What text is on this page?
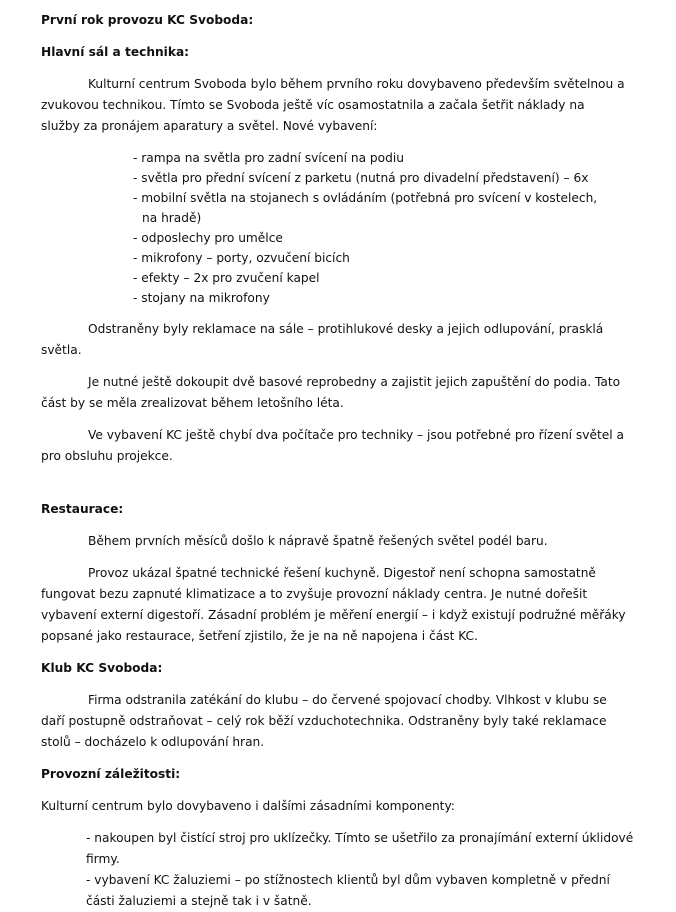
První rok provozu KC Svoboda:
Hlavní sál a technika:
Kulturní centrum Svoboda bylo během prvního roku dovybaveno především světelnou a zvukovou technikou. Tímto se Svoboda ještě víc osamostatnila a začala šetřit náklady na služby za pronájem aparatury a světel. Nové vybavení:
- rampa na světla pro zadní svícení na podiu
- světla pro přední svícení z parketu (nutná pro divadelní představení) – 6x
- mobilní světla na stojanech s ovládáním (potřebná pro svícení v kostelech, na hradě)
- odposlechy pro umělce
- mikrofony – porty, ozvučení bicích
- efekty – 2x pro zvučení kapel
- stojany na mikrofony
Odstraněny byly reklamace na sále – protihlukové desky a jejich odlupování, prasklá světla.
Je nutné ještě dokoupit dvě basové reprobedny a zajistit jejich zapuštění do podia. Tato část by se měla zrealizovat během letošního léta.
Ve vybavení KC ještě chybí dva počítače pro techniky – jsou potřebné pro řízení světel a pro obsluhu projekce.
Restaurace:
Během prvních měsíců došlo k nápravě špatně řešených světel podél baru.
Provoz ukázal špatné technické řešení kuchyně. Digestoř není schopna samostatně fungovat bezu zapnuté klimatizace a to zvyšuje provozní náklady centra. Je nutné dořešit vybavení externí digestoří. Zásadní problém je měření energií – i když existují podružné měřáky popsané jako restaurace, šetření zjistilo, že je na ně napojena i část KC.
Klub KC Svoboda:
Firma odstranila zatékání do klubu – do červené spojovací chodby. Vlhkost v klubu se daří postupně odstraňovat – celý rok běží vzduchotechnika. Odstraněny byly také reklamace stolů – docházelo k odlupování hran.
Provozní záležitosti:
Kulturní centrum bylo dovybaveno i dalšími zásadními komponenty:
- nakoupen byl čistící stroj pro uklízečky. Tímto se ušetřilo za pronajímání externí úklidové firmy.
- vybavení KC žaluziemi – po stížnostech klientů byl dům vybaven kompletně v přední části žaluziemi a stejně tak i v šatně.
